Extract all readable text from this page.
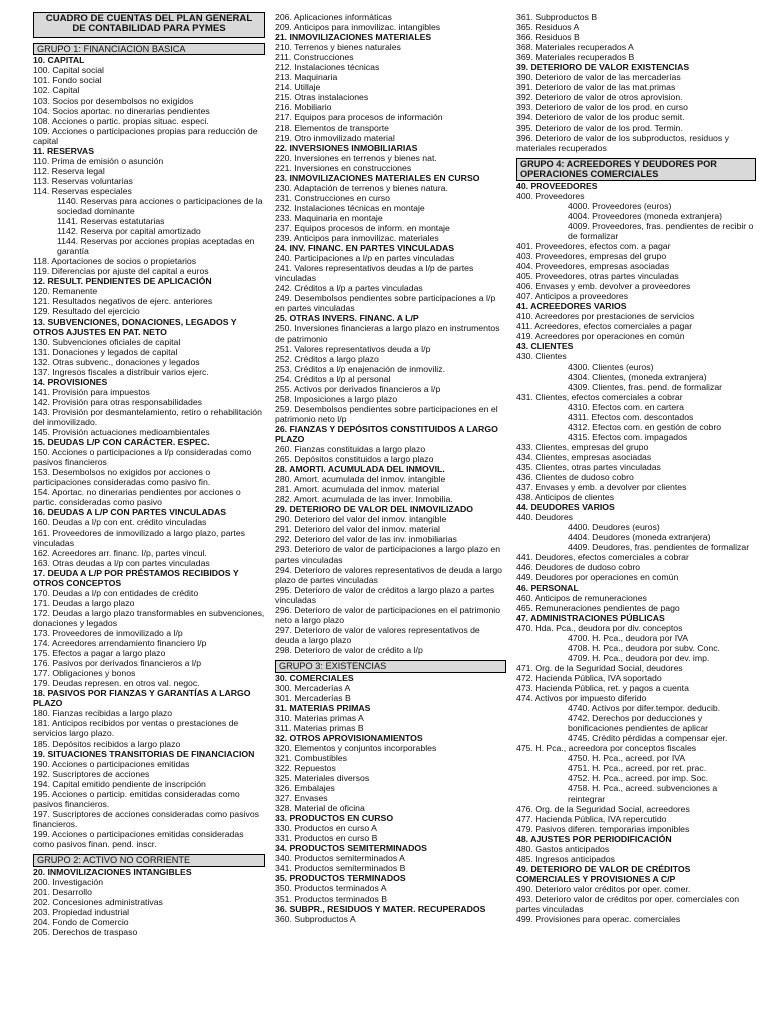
CUADRO DE CUENTAS DEL PLAN GENERAL DE CONTABILIDAD PARA PYMES
GRUPO 1: FINANCIACION BASICA
10. CAPITAL
100. Capital social
101. Fondo social
102. Capital
103. Socios por desembolsos no exigidos
104. Socios aportac. no dinerarias pendientes
108. Acciones o partic. propias situac. especi.
109. Acciones o participaciones propias para reducción de capital
11. RESERVAS
110. Prima de emisión o asunción
112. Reserva legal
113. Reservas voluntarias
114. Reservas especiales
1140. Reservas para acciones o participaciones de la sociedad dominante
1141. Reservas estatutarias
1142. Reserva por capital amortizado
1144. Reservas por acciones propias aceptadas en garantía
118. Aportaciones de socios o propietarios
119. Diferencias por ajuste del capital a euros
12. RESULT. PENDIENTES DE APLICACIÓN
120. Remanente
121. Resultados negativos de ejerc. anteriores
129. Resultado del ejercicio
13. SUBVENCIONES, DONACIONES, LEGADOS Y OTROS AJUSTES EN PAT. NETO
130. Subvenciones oficiales de capital
131. Donaciones y legados de capital
132. Otras subvenc., donaciones y legados
137. Ingresos fiscales a distribuir varios ejerc.
14. PROVISIONES
141. Provisión para impuestos
142. Provisión para otras responsabilidades
143. Provisión por desmantelamiento, retiro o rehabilitación del inmovilizado.
145. Provisión actuaciones medioambientales
15. DEUDAS L/P CON CARÁCTER. ESPEC.
150. Acciones o participaciones a l/p consideradas como pasivos financieros
153. Desembolsos no exigidos por acciones o participaciones consideradas como pasivo fin.
154. Aportac. no dinerarias pendientes por acciones o partic. consideradas como pasivo
16. DEUDAS A L/P CON PARTES VINCULADAS
160. Deudas a l/p con ent. crédito vinculadas
161. Proveedores de inmovilizado a largo plazo, partes vinculadas
162. Acreedores arr. financ. l/p, partes vincul.
163. Otras deudas a l/p con partes vinculadas
17. DEUDA A L/P POR PRÉSTAMOS RECIBIDOS Y OTROS CONCEPTOS
170. Deudas a l/p con entidades de crédito
171. Deudas a largo plazo
172. Deudas a largo plazo transformables en subvenciones, donaciones y legados
173. Proveedores de inmovilizado a l/p
174. Acreedores arrendamiento financiero l/p
175. Efectos a pagar a largo plazo
176. Pasivos por derivados financieros a l/p
177. Obligaciones y bonos
179. Deudas represen. en otros val. negoc.
18. PASIVOS POR FIANZAS Y GARANTÍAS A LARGO PLAZO
180. Fianzas recibidas a largo plazo
181. Anticipos recibidos por ventas o prestaciones de servicios largo plazo.
185. Depósitos recibidos a largo plazo
19. SITUACIONES TRANSITORIAS DE FINANCIACION
190. Acciones o participaciones emitidas
192. Suscriptores de acciones
194. Capital emitido pendiente de inscripción
195. Acciones o particip. emitidas consideradas como pasivos financieros.
197. Suscriptores de acciones consideradas como pasivos financieros.
199. Acciones o participaciones emitidas consideradas como pasivos finan. pend. inscr.
GRUPO 2: ACTIVO NO CORRIENTE
20. INMOVILIZACIONES INTANGIBLES
200. Investigación
201. Desarrollo
202. Concesiones administrativas
203. Propiedad industrial
204. Fondo de Comercio
205. Derechos de traspaso
206. Aplicaciones informáticas
209. Anticipos para inmovilizac. intangibles
21. INMOVILIZACIONES MATERIALES
210. Terrenos y bienes naturales
211. Construcciones
212. Instalaciones técnicas
213. Maquinaria
214. Utillaje
215. Otras instalaciones
216. Mobiliario
217. Equipos para procesos de información
218. Elementos de transporte
219. Otro inmovilizado material
22. INVERSIONES INMOBILIARIAS
220. Inversiones en terrenos y bienes nat.
221. Inversiones en construcciones
23. INMOVILIZACIONES MATERIALES EN CURSO
230. Adaptación de terrenos y bienes natura.
231. Construcciones en curso
232. Instalaciones técnicas en montaje
233. Maquinaria en montaje
237. Equipos procesos de inform. en montaje
239. Anticipos para inmovilizac. materiales
24. INV. FINANC. EN PARTES VINCULADAS
240. Participaciones a l/p en partes vinculadas
241. Valores representativos deudas a l/p de partes vinculadas
242. Créditos a l/p a partes vinculadas
249. Desembolsos pendientes sobre participaciones a l/p en partes vinculadas
25. OTRAS INVERS. FINANC. A L/P
250. Inversiones financieras a largo plazo en instrumentos de patrimonio
251. Valores representativos deuda a l/p
252. Créditos a largo plazo
253. Créditos a l/p enajenación de inmoviliz.
254. Créditos a l/p al personal
255. Activos por derivados financieros a l/p
258. Imposiciones a largo plazo
259. Desembolsos pendientes sobre participaciones en el patrimonio neto l/p
26. FIANZAS Y DEPÓSITOS CONSTITUIDOS A LARGO PLAZO
260. Fianzas constituidas a largo plazo
265. Depósitos constituidos a largo plazo
28. AMORTI. ACUMULADA DEL INMOVIL.
280. Amort. acumulada del inmov. intangible
281. Amort. acumulada del inmov. material
282. Amort. acumulada de las inver. Inmobilia.
29. DETERIORO DE VALOR DEL INMOVILIZADO
290. Deterioro del valor del inmov. intangible
291. Deterioro del valor del inmov. material
292. Deterioro del valor de las inv. inmobiliarias
293. Deterioro de valor de participaciones a largo plazo en partes vinculadas
294. Deterioro de valores representativos de deuda a largo plazo de partes vinculadas
295. Deterioro de valor de créditos a largo plazo a partes vinculadas
296. Deterioro de valor de participaciones en el patrimonio neto a largo plazo
297. Deterioro de valor de valores representativos de deuda a largo plazo
298. Deterioro de valor de crédito a l/p
GRUPO 3: EXISTENCIAS
30. COMERCIALES
300. Mercaderías A
301. Mercaderías B
31. MATERIAS PRIMAS
310. Materias primas A
311. Materias primas B
32. OTROS APROVISIONAMIENTOS
320. Elementos y conjuntos incorporables
321. Combustibles
322. Repuestos
325. Materiales diversos
326. Embalajes
327. Envases
328. Material de oficina
33. PRODUCTOS EN CURSO
330. Productos en curso A
331. Productos en curso B
34. PRODUCTOS SEMITERMINADOS
340. Productos semiterminados A
341. Productos semiterminados B
35. PRODUCTOS TERMINADOS
350. Productos terminados A
351. Productos terminados B
36. SUBPR., RESIDUOS Y MATER. RECUPERADOS
360. Subproductos A
361. Subproductos B
365. Residuos A
366. Residuos B
368. Materiales recuperados A
369. Materiales recuperados B
39. DETERIORO DE VALOR EXISTENCIAS
390. Deterioro de valor de las mercaderías
391. Deterioro de valor de las mat.primas
392. Deterioro de valor de otros aprovision.
393. Deterioro de valor de los prod. en curso
394. Deterioro de valor de los produc semit.
395. Deterioro de valor de los prod. Termin.
396. Deterioro de valor de los subproductos, residuos y materiales recuperados
GRUPO 4: ACREEDORES Y DEUDORES POR OPERACIONES COMERCIALES
40. PROVEEDORES
400. Proveedores
4000. Proveedores (euros)
4004. Proveedores (moneda extranjera)
4009. Proveedores, fras. pendientes de recibir o de formalizar
401. Proveedores, efectos com. a pagar
403. Proveedores, empresas del grupo
404. Proveedores, empresas asociadas
405. Proveedores, otras partes vinculadas
406. Envases y emb. devolver a proveedores
407. Anticipos a proveedores
41. ACREEDORES VARIOS
410. Acreedores por prestaciones de servicios
411. Acreedores, efectos comerciales a pagar
419. Acreedores por operaciones en común
43. CLIENTES
430. Clientes
4300. Clientes (euros)
4304. Clientes, (moneda extranjera)
4309. Clientes, fras. pend. de formalizar
431. Clientes, efectos comerciales a cobrar
4310. Efectos com. en cartera
4311. Efectos com. descontados
4312. Efectos com. en gestión de cobro
4315. Efectos com. impagados
433. Clientes, empresas del grupo
434. Clientes, empresas asociadas
435. Clientes, otras partes vinculadas
436. Clientes de dudoso cobro
437. Envases y emb. a devolver por clientes
438. Anticipos de clientes
44. DEUDORES VARIOS
440. Deudores
4400. Deudores (euros)
4404. Deudores (moneda extranjera)
4409. Deudores, fras. pendientes de formalizar
441. Deudores, efectos comerciales a cobrar
446. Deudores de dudoso cobro
449. Deudores por operaciones en común
46. PERSONAL
460. Anticipos de remuneraciones
465. Remuneraciones pendientes de pago
47. ADMINISTRACIONES PÚBLICAS
470. Hda. Pca., deudora por div. conceptos
4700. H. Pca., deudora por IVA
4708. H. Pca., deudora por subv. Conc.
4709. H. Pca., deudora por dev. imp.
471. Org. de la Seguridad Social, deudores
472. Hacienda Pública, IVA soportado
473. Hacienda Pública, ret. y pagos a cuenta
474. Activos por impuesto diferido
4740. Activos por difer.tempor. deducib.
4742. Derechos por deducciones y bonificaciones pendientes de aplicar
4745. Crédito pérdidas a compensar ejer.
475. H. Pca., acreedora por conceptos fiscales
4750. H. Pca., acreed. por IVA
4751. H. Pca., acreed. por ret. prac.
4752. H. Pca., acreed. por imp. Soc.
4758. H. Pca., acreed. subvenciones a reintegrar
476. Org. de la Seguridad Social, acreedores
477. Hacienda Pública, IVA repercutido
479. Pasivos diferen. temporarias imponibles
48. AJUSTES POR PERIODIFICACIÓN
480. Gastos anticipados
485. Ingresos anticipados
49. DETERIORO DE VALOR DE CRÉDITOS COMERCIALES Y PROVISIONES A C/P
490. Deterioro valor créditos por oper. comer.
493. Deterioro valor de créditos por oper. comerciales con partes vinculadas
499. Provisiones para operac. comerciales
